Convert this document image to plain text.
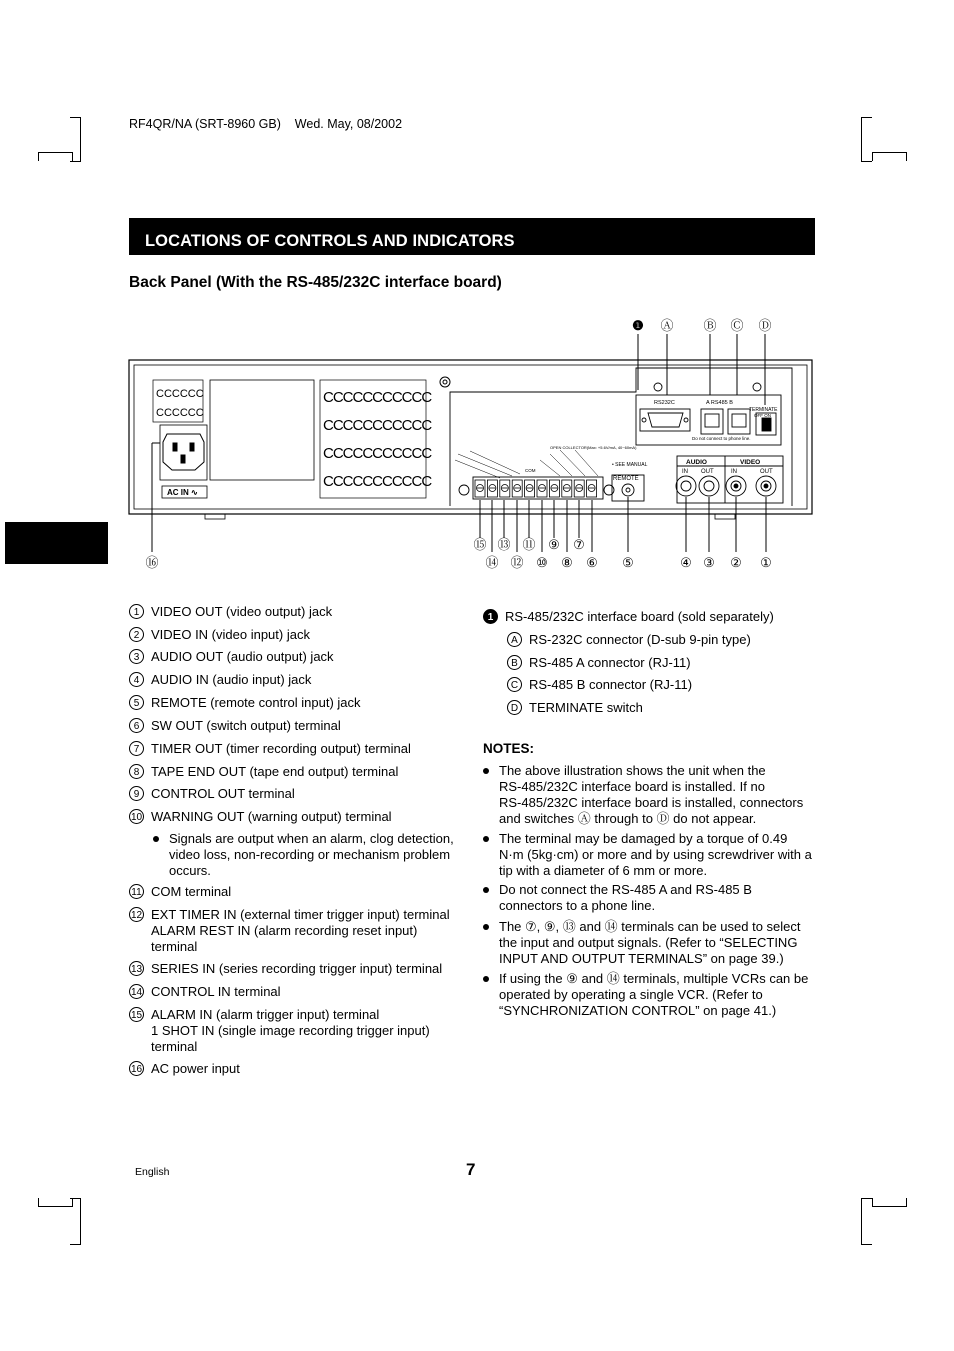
RF4QR/NA (SRT-8960 GB)    Wed. May, 08/2002
LOCATIONS OF CONTROLS AND INDICATORS
Back Panel (With the RS-485/232C interface board)
❶ Ⓐ Ⓑ Ⓒ Ⓓ
CCCCCC
CCCCCC
AC IN ∿
CCCCCCCCCCC
CCCCCCCCCCC
CCCCCCCCCCC
CCCCCCCCCCC
RS232C	A RS485 B
TERMINATE
OFF ON
Do not connect to phone line.
OPEN COLLECTOR(Max: +5.6V/mA, 40~60mA)
• SEE MANUAL
REMOTE
COM
AUDIO	VIDEO
IN OUT	IN	OUT
⑮ ⑬ ⑪ ⑨ ⑦
⑯	⑭ ⑫ ⑩ ⑧ ⑥ ⑤	④ ③ ② ①
1 VIDEO OUT (video output) jack
2 VIDEO IN (video input) jack
3 AUDIO OUT (audio output) jack
4 AUDIO IN (audio input) jack
5 REMOTE (remote control input) jack
6 SW OUT (switch output) terminal
7 TIMER OUT (timer recording output) terminal
8 TAPE END OUT (tape end output) terminal
9 CONTROL OUT terminal
10 WARNING OUT (warning output) terminal
Signals are output when an alarm, clog detection,
video loss, non-recording or mechanism problem
occurs.
11 COM terminal
12 EXT TIMER IN (external timer trigger input) terminal
ALARM REST IN (alarm recording reset input)
terminal
13 SERIES IN (series recording trigger input) terminal
14 CONTROL IN terminal
15 ALARM IN (alarm trigger input) terminal
1 SHOT IN (single image recording trigger input)
terminal
16 AC power input
1 RS-485/232C interface board (sold separately)
A RS-232C connector (D-sub 9-pin type)
B RS-485 A connector (RJ-11)
C RS-485 B connector (RJ-11)
D TERMINATE switch
NOTES:
The above illustration shows the unit when the
RS-485/232C interface board is installed. If no
RS-485/232C interface board is installed, connectors
and switches Ⓐ through to Ⓓ do not appear.
The terminal may be damaged by a torque of 0.49
N·m (5kg·cm) or more and by using screwdriver with a
tip with a diameter of 6 mm or more.
Do not connect the RS-485 A and RS-485 B
connectors to a phone line.
The ⑦, ⑨, ⑬ and ⑭ terminals can be used to select
the input and output signals. (Refer to “SELECTING
INPUT AND OUTPUT TERMINALS” on page 39.)
If using the ⑨ and ⑭ terminals, multiple VCRs can be
operated by operating a single VCR. (Refer to
“SYNCHRONIZATION CONTROL” on page 41.)
English	7
